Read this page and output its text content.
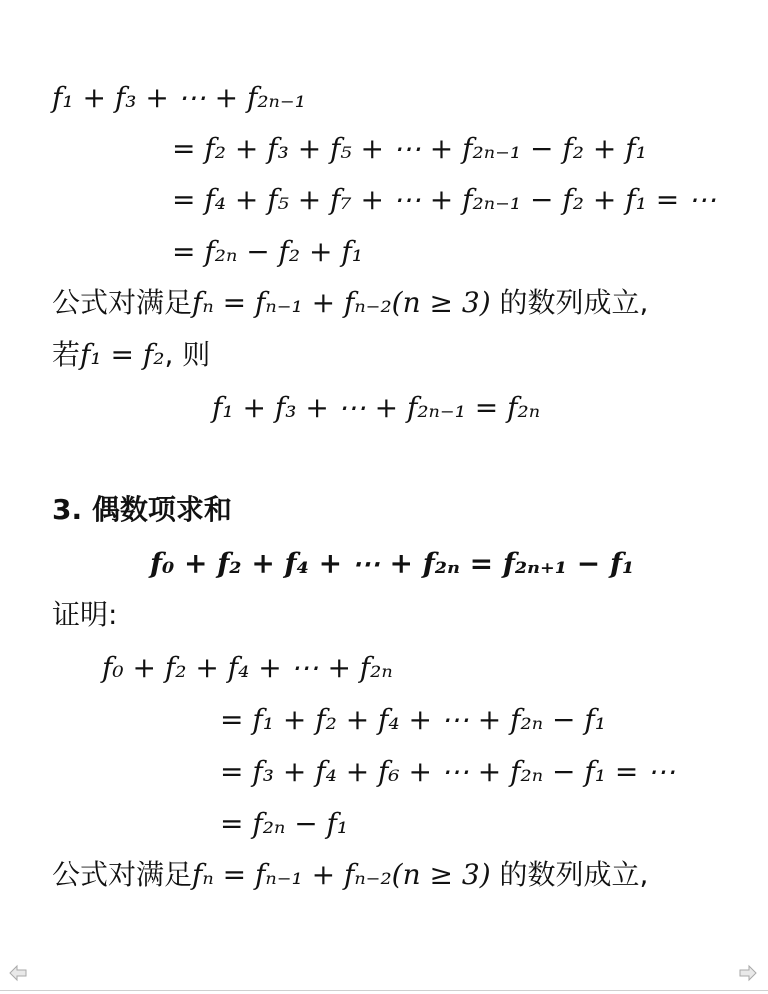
f₁ + f₃ + ⋯ + f₂ₙ₋₁
= f₂ + f₃ + f₅ + ⋯ + f₂ₙ₋₁ − f₂ + f₁
= f₄ + f₅ + f₇ + ⋯ + f₂ₙ₋₁ − f₂ + f₁ = ⋯
= f₂ₙ − f₂ + f₁
公式对满足fₙ = fₙ₋₁ + fₙ₋₂(n ≥ 3) 的数列成立,
若f₁ = f₂, 则
f₁ + f₃ + ⋯ + f₂ₙ₋₁ = f₂ₙ
3. 偶数项求和
f₀ + f₂ + f₄ + ⋯ + f₂ₙ = f₂ₙ₊₁ − f₁
证明:
f₀ + f₂ + f₄ + ⋯ + f₂ₙ
= f₁ + f₂ + f₄ + ⋯ + f₂ₙ − f₁
= f₃ + f₄ + f₆ + ⋯ + f₂ₙ − f₁ = ⋯
= f₂ₙ − f₁
公式对满足fₙ = fₙ₋₁ + fₙ₋₂(n ≥ 3) 的数列成立,
